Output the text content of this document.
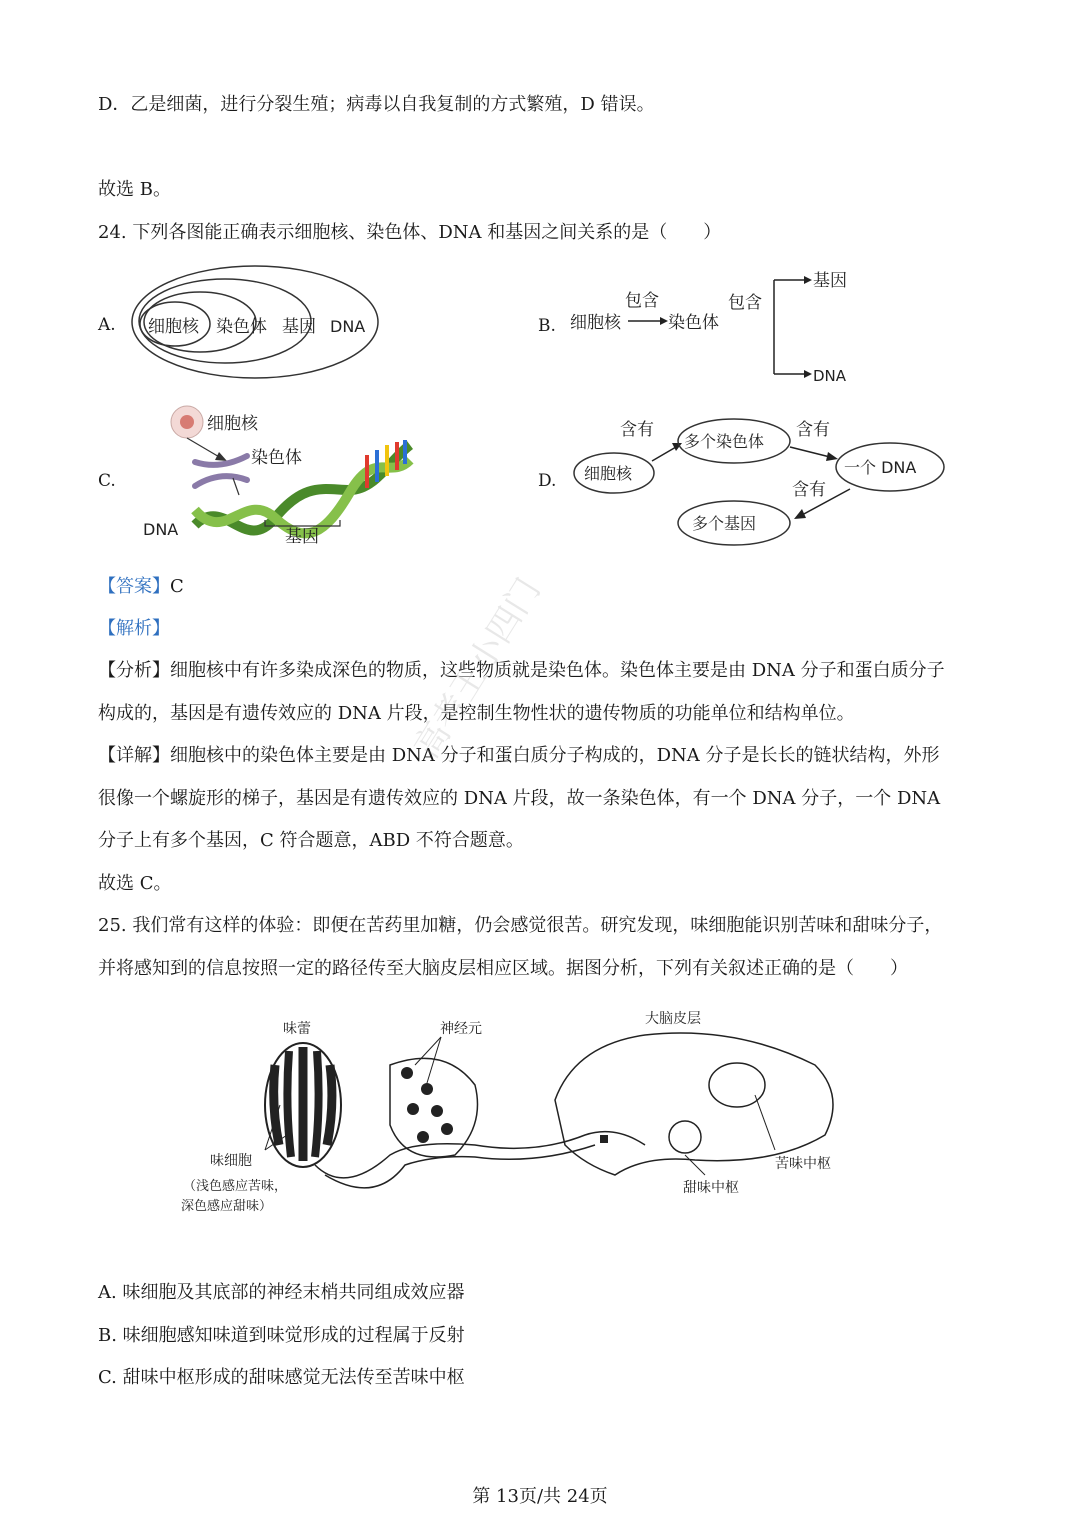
D．乙是细菌，进行分裂生殖；病毒以自我复制的方式繁殖，D 错误。
故选 B。
24. 下列各图能正确表示细胞核、染色体、DNA 和基因之间关系的是（　　）
A. 细胞核 染色体 基因 DNA	B. 细胞核
包含
染色体
包含
基因
DNA
C.
细胞核
染色体
DNA	基因
D. 细胞核
含有
多个染色体
含有
一个 DNA
含有
多个基因
【答案】C
【解析】
【分析】细胞核中有许多染成深色的物质，这些物质就是染色体。染色体主要是由 DNA 分子和蛋白质分子
构成的，基因是有遗传效应的 DNA 片段，是控制生物性状的遗传物质的功能单位和结构单位。
【详解】细胞核中的染色体主要是由 DNA 分子和蛋白质分子构成的，DNA 分子是长长的链状结构，外形
很像一个螺旋形的梯子，基因是有遗传效应的 DNA 片段，故一条染色体，有一个 DNA 分子，一个 DNA
分子上有多个基因，C 符合题意，ABD 不符合题意。
故选 C。
25. 我们常有这样的体验：即便在苦药里加糖，仍会感觉很苦。研究发现，味细胞能识别苦味和甜味分子，
并将感知到的信息按照一定的路径传至大脑皮层相应区域。据图分析，下列有关叙述正确的是（　　）
味蕾	神经元
大脑皮层
味细胞
（浅色感应苦味，
深色感应甜味）
甜味中枢
苦味中枢
A. 味细胞及其底部的神经末梢共同组成效应器
B. 味细胞感知味道到味觉形成的过程属于反射
C. 甜味中枢形成的甜味感觉无法传至苦味中枢
高考王小四门
第 13页/共 24页
